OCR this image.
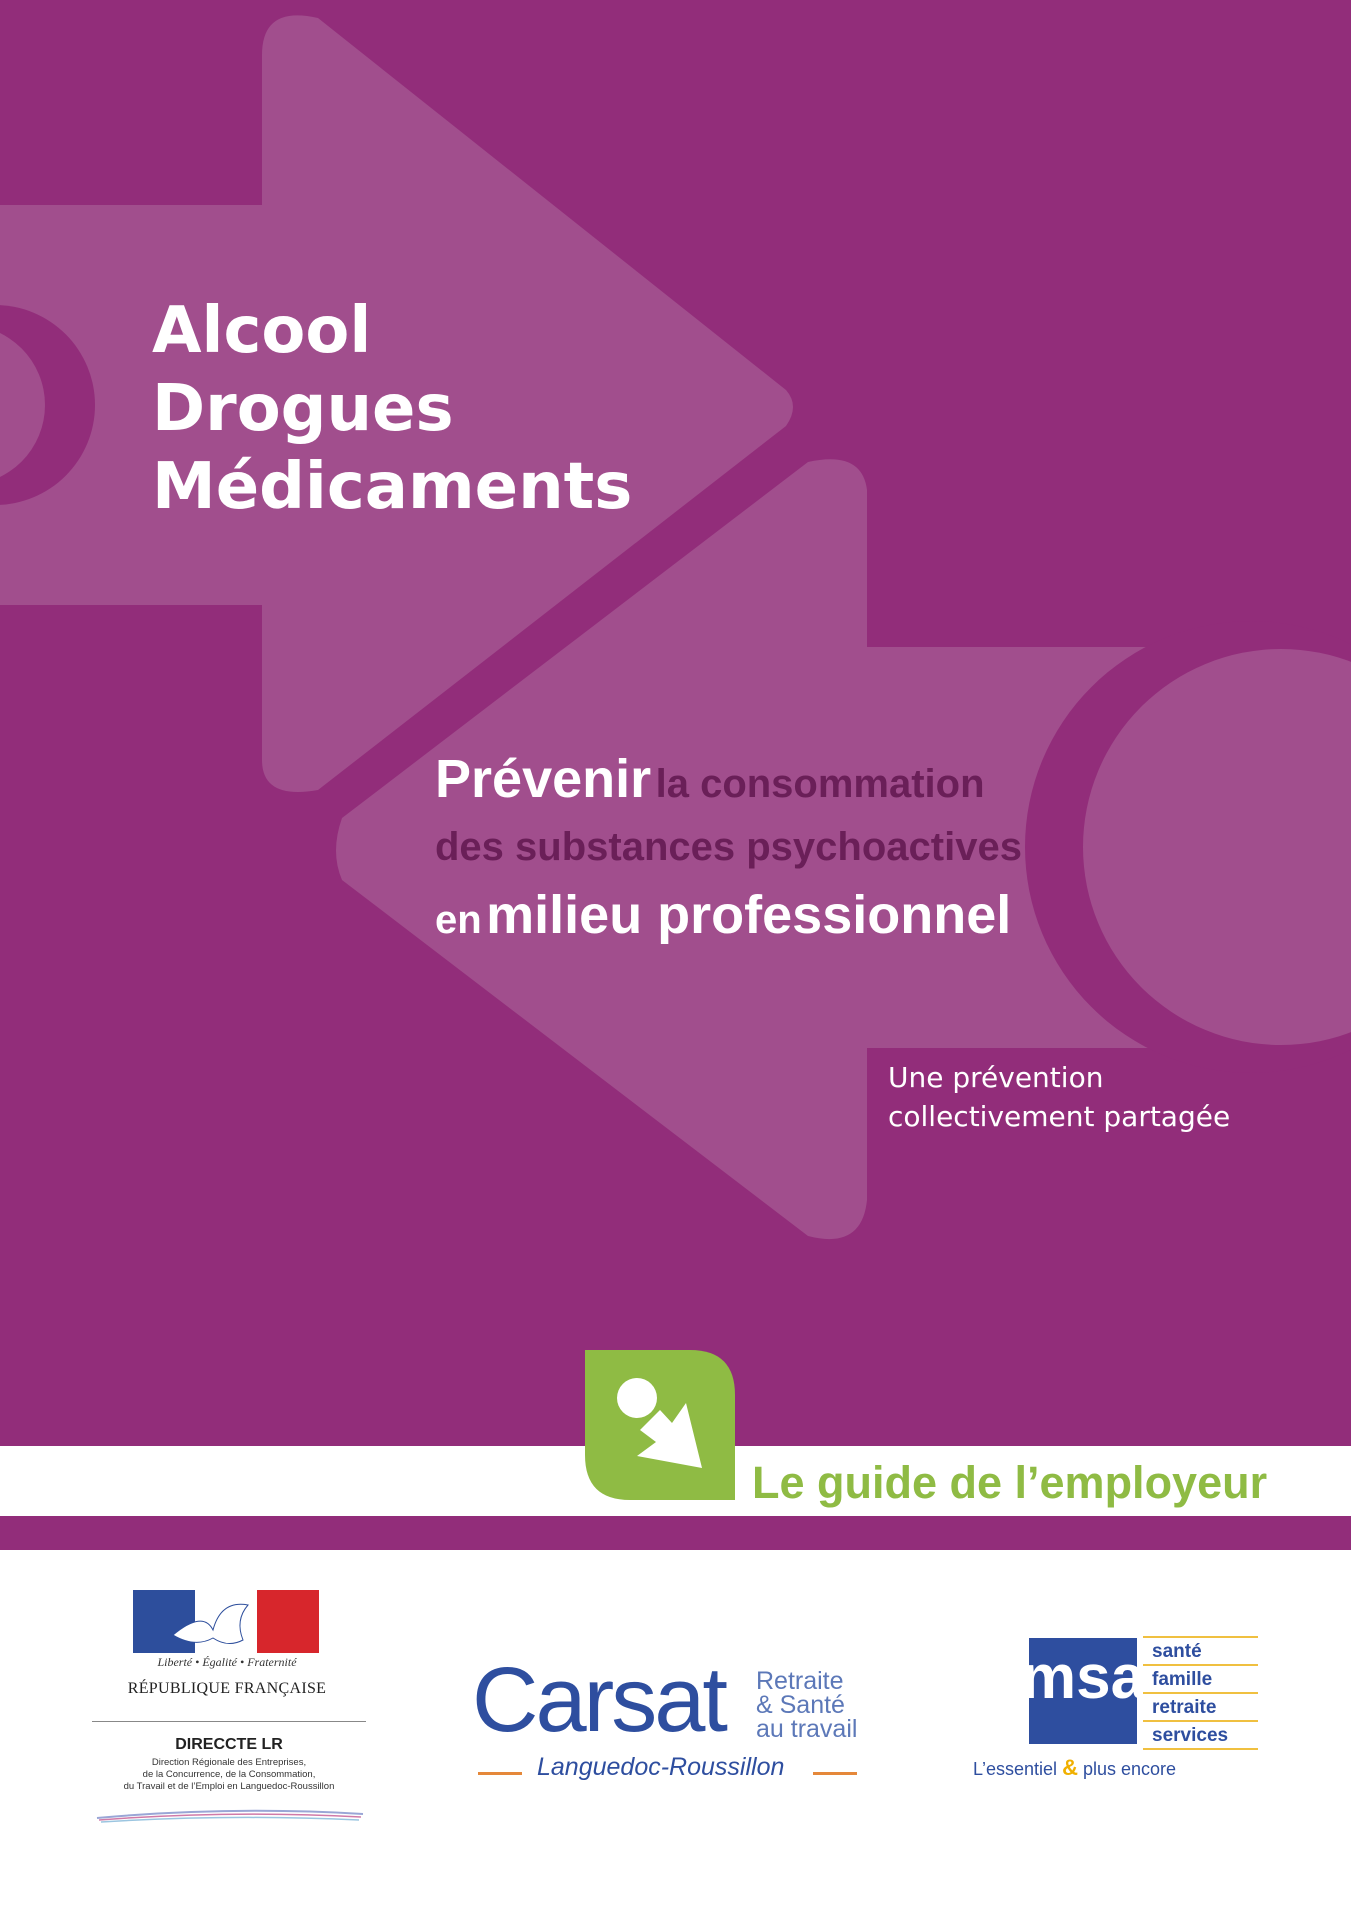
Alcool
Drogues
Médicaments
Prévenir la consommation
des substances psychoactives
en milieu professionnel
Une prévention
collectivement partagée
Le guide de l’employeur
Liberté • Égalité • Fraternité
RÉPUBLIQUE FRANÇAISE
DIRECCTE LR
Direction Régionale des Entreprises,
de la Concurrence, de la Consommation,
du Travail et de l’Emploi en Languedoc-Roussillon
Carsat Retraite
& Santé
au travail
Languedoc-Roussillon
msa santé
famille
retraite
services
L’essentiel & plus encore
